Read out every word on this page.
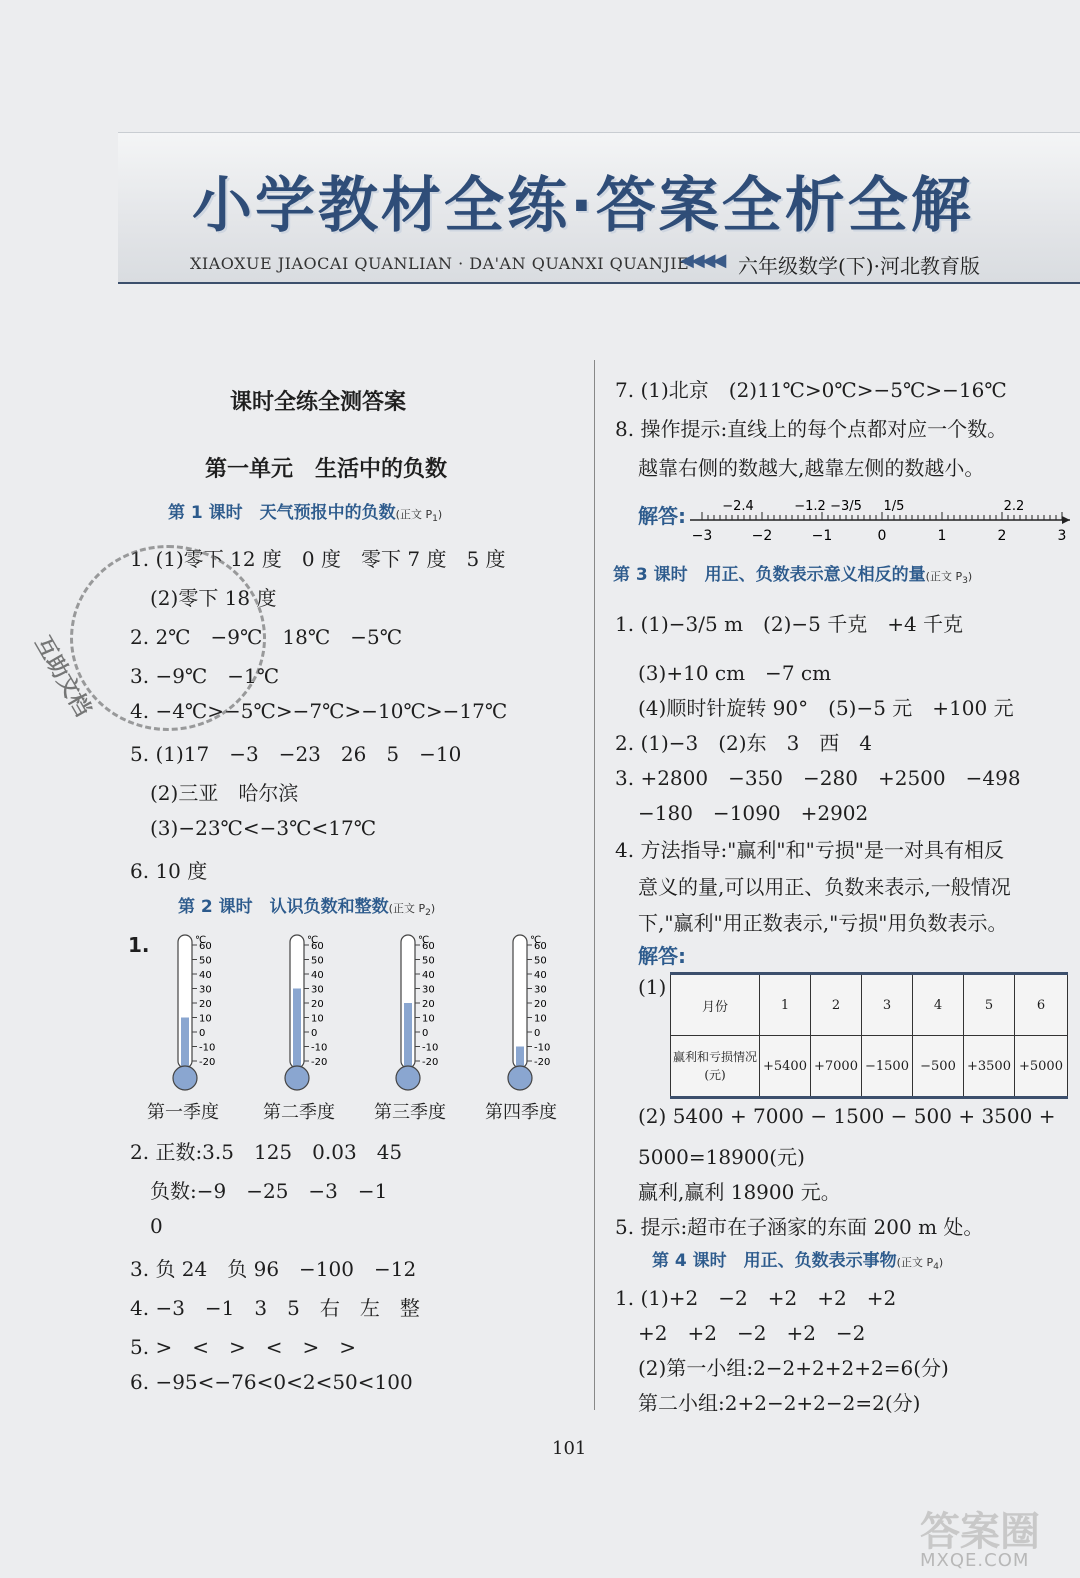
小学教材全练·答案全析全解
XIAOXUE JIAOCAI QUANLIAN · DA'AN QUANXI QUANJIE
◀◀◀◀ 六年级数学(下)·河北教育版
课时全练全测答案
第一单元　生活中的负数
第 1 课时　天气预报中的负数(正文 $P_1$)
1. (1)零下 12 度　0 度　零下 7 度　5 度
(2)零下 18 度
2. 2℃　−9℃　18℃　−5℃
3. −9℃　−1℃
4. −4℃>−5℃>−7℃>−10℃>−17℃
5. (1)17　−3　−23　26　5　−10
(2)三亚　哈尔滨
(3)−23℃<−3℃<17℃
6. 10 度
互助文档
第 2 课时　认识负数和整数(正文 $P_2$)
1.	℃
60
50
40
30
20
10
0
-10
-20
℃
60
50
40
30
20
10
0
-10
-20
℃
60
50
40
30
20
10
0
-10
-20
℃
60
50
40
30
20
10
0
-10
-20
第一季度 第二季度 第三季度 第四季度
2. 正数:3.5　125　0.03　45
负数:−9　−25　−3　−1
0
3. 负 24　负 96　−100　−12
4. −3　−1　3　5　右　左　整
5. >　<　>　<　>　>
6. −95<−76<0<2<50<100
7. (1)北京　(2)11℃>0℃>−5℃>−16℃
8. 操作提示:直线上的每个点都对应一个数。
越靠右侧的数越大,越靠左侧的数越小。
解答:
−3	−2	−1	0	1	2	3
−2.4	−1.2 −3/5 1/5	2.2
第 3 课时　用正、负数表示意义相反的量(正文 $P_3$)
1. (1)−3/5 m　(2)−5 千克　+4 千克
(3)+10 cm　−7 cm
(4)顺时针旋转 90°　(5)−5 元　+100 元
2. (1)−3　(2)东　3　西　4
3. +2800　−350　−280　+2500　−498
−180　−1090　+2902
4. 方法指导:"赢利"和"亏损"是一对具有相反
意义的量,可以用正、负数来表示,一般情况
下,"赢利"用正数表示,"亏损"用负数表示。
解答:
(1)
月份	1	2	3	4	5	6
赢利和亏损情况(元)	+5400	+7000	−1500	−500	+3500	+5000
(2) 5400 + 7000 − 1500 − 500 + 3500 +
5000=18900(元)
赢利,赢利 18900 元。
5. 提示:超市在子涵家的东面 200 m 处。
第 4 课时　用正、负数表示事物(正文 $P_4$)
1. (1)+2　−2　+2　+2　+2
+2　+2　−2　+2　−2
(2)第一小组:2−2+2+2+2=6(分)
第二小组:2+2−2+2−2=2(分)
101
答案圈
MXQE.COM
